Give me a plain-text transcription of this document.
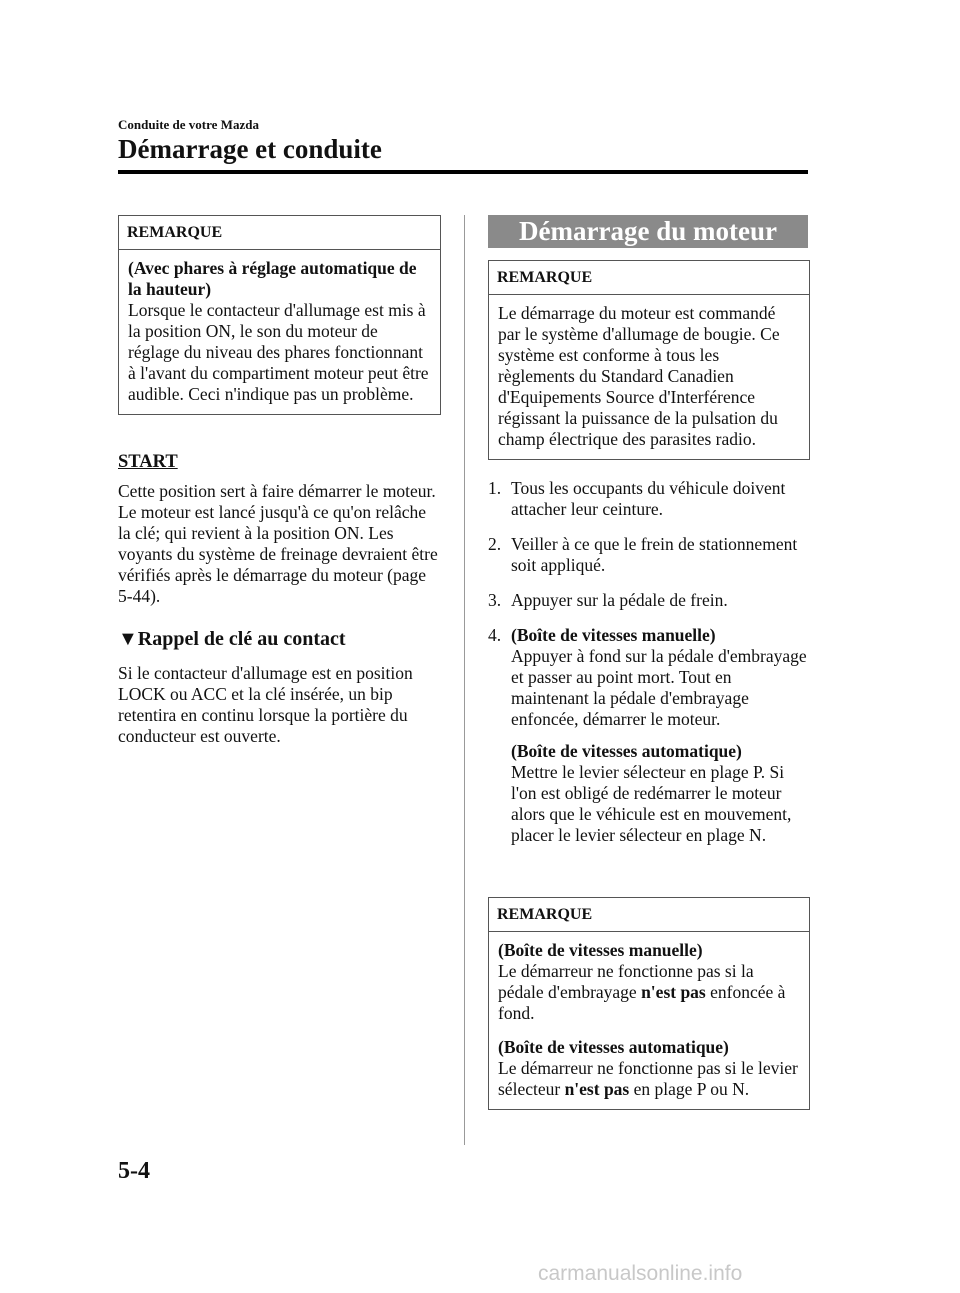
Conduite de votre Mazda
Démarrage et conduite
REMARQUE
(Avec phares à réglage automatique de la hauteur)
Lorsque le contacteur d'allumage est mis à la position ON, le son du moteur de réglage du niveau des phares fonctionnant à l'avant du compartiment moteur peut être audible. Ceci n'indique pas un problème.
START
Cette position sert à faire démarrer le moteur. Le moteur est lancé jusqu'à ce qu'on relâche la clé; qui revient à la position ON. Les voyants du système de freinage devraient être vérifiés après le démarrage du moteur (page 5-44).
▼Rappel de clé au contact
Si le contacteur d'allumage est en position LOCK ou ACC et la clé insérée, un bip retentira en continu lorsque la portière du conducteur est ouverte.
Démarrage du moteur
REMARQUE
Le démarrage du moteur est commandé par le système d'allumage de bougie. Ce système est conforme à tous les règlements du Standard Canadien d'Equipements Source d'Interférence régissant la puissance de la pulsation du champ électrique des parasites radio.
1. Tous les occupants du véhicule doivent attacher leur ceinture.
2. Veiller à ce que le frein de stationnement soit appliqué.
3. Appuyer sur la pédale de frein.
4. (Boîte de vitesses manuelle)
Appuyer à fond sur la pédale d'embrayage et passer au point mort. Tout en maintenant la pédale d'embrayage enfoncée, démarrer le moteur.
(Boîte de vitesses automatique)
Mettre le levier sélecteur en plage P. Si l'on est obligé de redémarrer le moteur alors que le véhicule est en mouvement, placer le levier sélecteur en plage N.
REMARQUE
(Boîte de vitesses manuelle)
Le démarreur ne fonctionne pas si la pédale d'embrayage n'est pas enfoncée à fond.
(Boîte de vitesses automatique)
Le démarreur ne fonctionne pas si le levier sélecteur n'est pas en plage P ou N.
5-4
carmanualsonline.info
